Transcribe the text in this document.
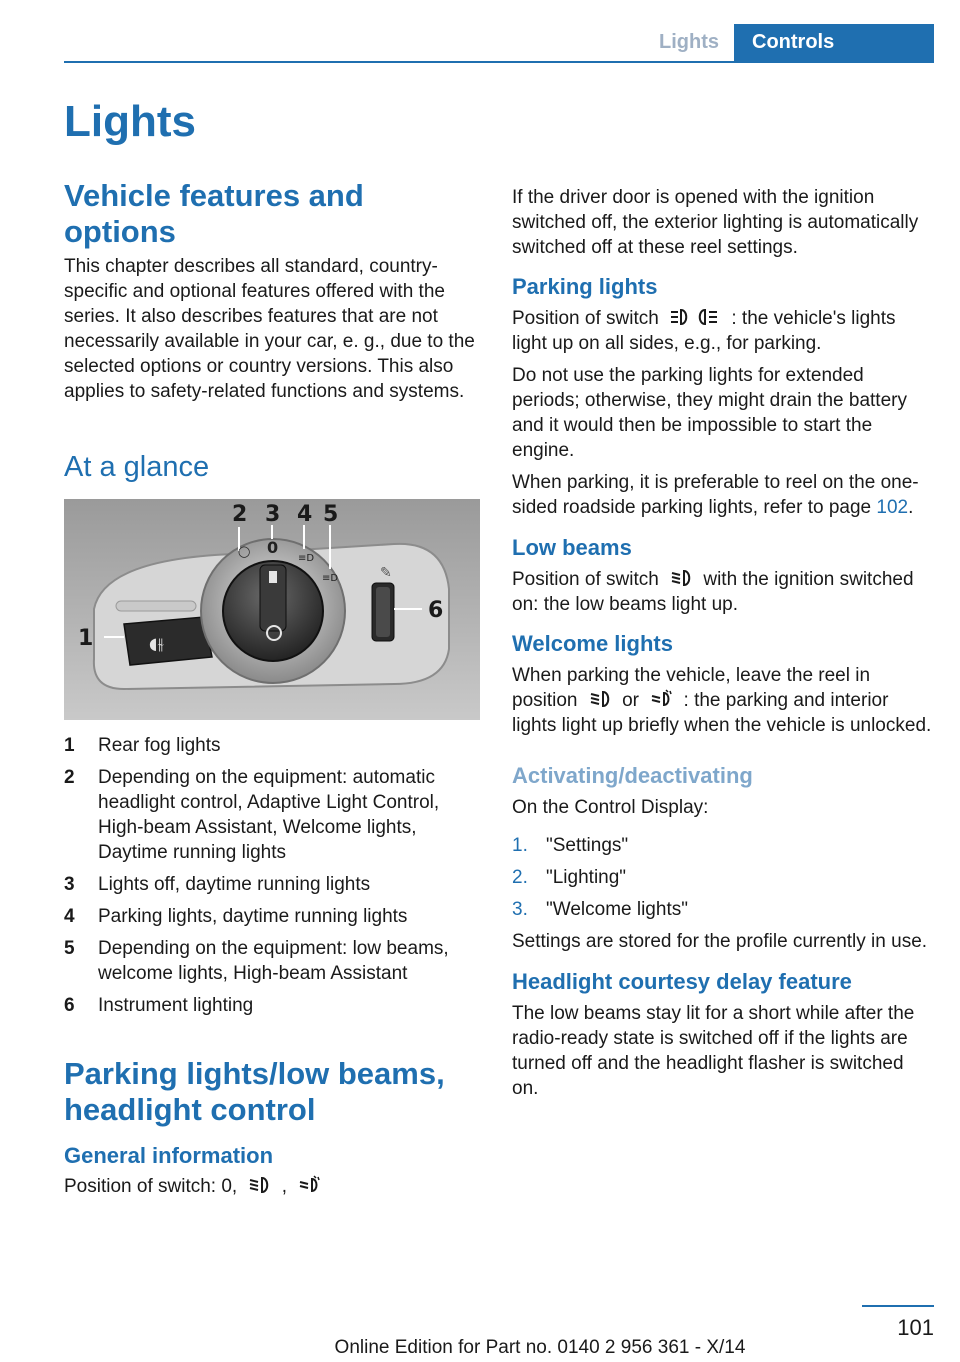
Lights	Controls
Lights
Vehicle features and options

This chapter describes all standard, country-specific and optional features offered with the series. It also describes features that are not necessarily available in your car, e. g., due to the selected options or country versions. This also applies to safety-related functions and systems.

At a glance
◖⫳
✎
◯ 0
≡D
≡D
1
2 3 4 5
6
1	Rear fog lights
2	Depending on the equipment: automatic headlight control, Adaptive Light Control, High-beam Assistant, Welcome lights, Daytime running lights
3	Lights off, daytime running lights
4	Parking lights, daytime running lights
5	Depending on the equipment: low beams, welcome lights, High-beam Assistant
6	Instrument lighting
Parking lights/low beams, headlight control
General information

Position of switch: 0, ,

If the driver door is opened with the ignition switched off, the exterior lighting is automatically switched off at these reel settings.

Parking lights

Position of switch	: the vehicle's lights light up on all sides, e.g., for parking.

Do not use the parking lights for extended periods; otherwise, they might drain the battery and it would then be impossible to start the engine.

When parking, it is preferable to reel on the one-sided roadside parking lights, refer to page 102.

Low beams

Position of switch with the ignition switched on: the low beams light up.

Welcome lights

When parking the vehicle, leave the reel in position or : the parking and interior lights light up briefly when the vehicle is unlocked.

Activating/deactivating

On the Control Display:

1. "Settings"
2. "Lighting"
3. "Welcome lights"

Settings are stored for the profile currently in use.

Headlight courtesy delay feature

The low beams stay lit for a short while after the radio-ready state is switched off if the lights are turned off and the headlight flasher is switched on.

101
Online Edition for Part no. 0140 2 956 361 - X/14
